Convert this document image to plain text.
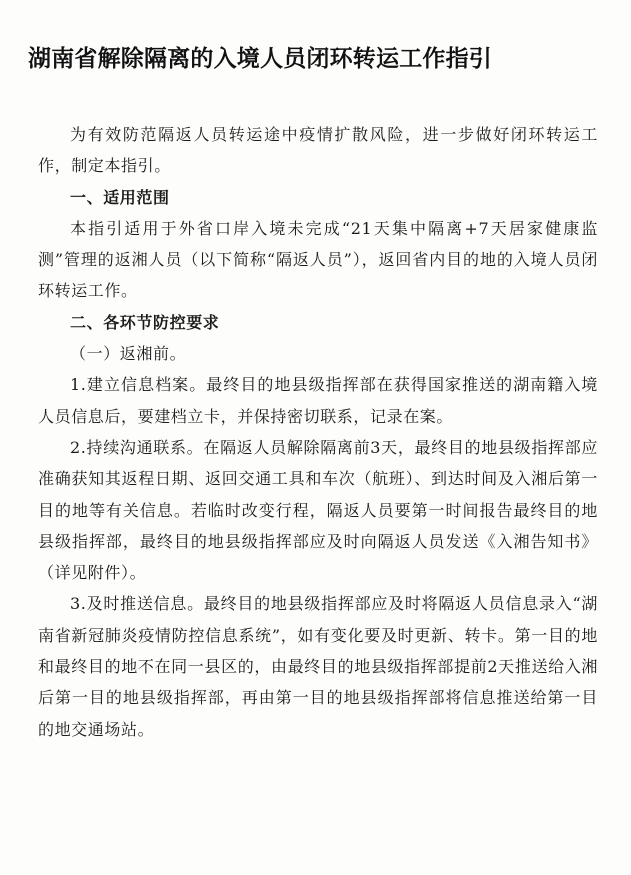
湖南省解除隔离的入境人员闭环转运工作指引

为有效防范隔返人员转运途中疫情扩散风险，进一步做好闭环转运工作，制定本指引。

一、适用范围

本指引适用于外省口岸入境未完成“21天集中隔离+7天居家健康监测”管理的返湘人员（以下简称“隔返人员”），返回省内目的地的入境人员闭环转运工作。

二、各环节防控要求

（一）返湘前。

1.建立信息档案。最终目的地县级指挥部在获得国家推送的湖南籍入境人员信息后，要建档立卡，并保持密切联系，记录在案。

2.持续沟通联系。在隔返人员解除隔离前3天，最终目的地县级指挥部应准确获知其返程日期、返回交通工具和车次（航班）、到达时间及入湘后第一目的地等有关信息。若临时改变行程，隔返人员要第一时间报告最终目的地县级指挥部，最终目的地县级指挥部应及时向隔返人员发送《入湘告知书》（详见附件）。

3.及时推送信息。最终目的地县级指挥部应及时将隔返人员信息录入“湖南省新冠肺炎疫情防控信息系统”，如有变化要及时更新、转卡。第一目的地和最终目的地不在同一县区的，由最终目的地县级指挥部提前2天推送给入湘后第一目的地县级指挥部，再由第一目的地县级指挥部将信息推送给第一目的地交通场站。
